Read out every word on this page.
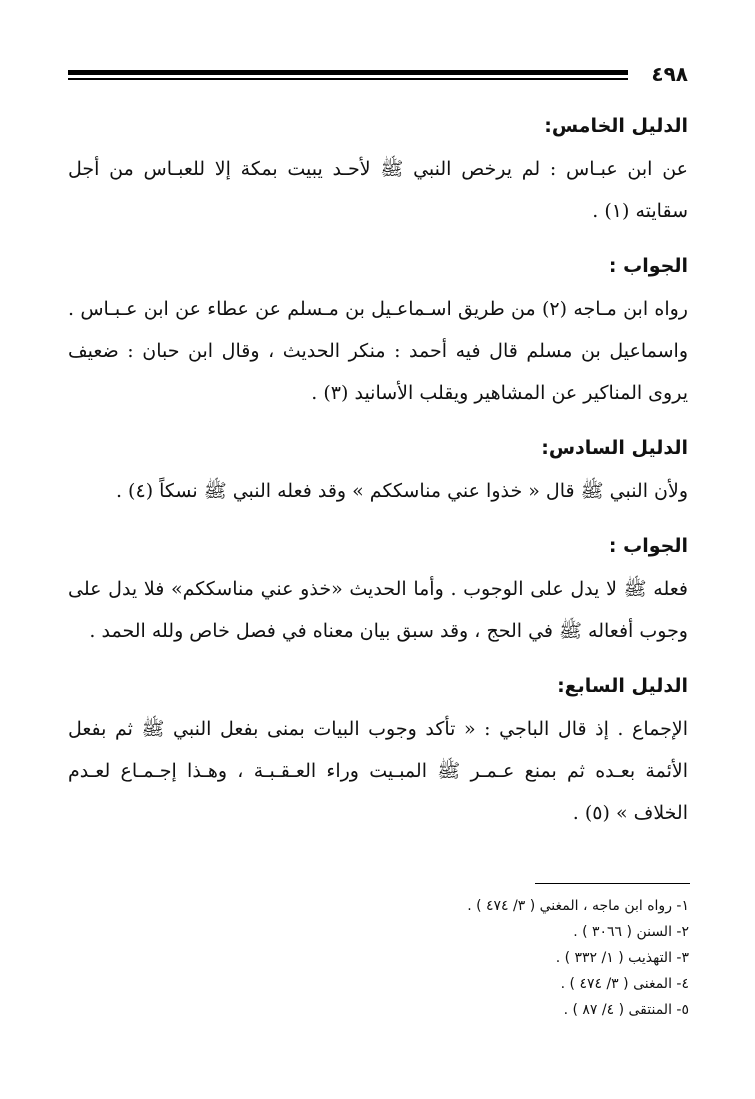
٤٩٨
الدليل الخامس:
عن ابن عبـاس : لم يرخص النبي ﷺ لأحـد يبيت بمكة إلا للعبـاس من أجل
سقايته (١) .
الجواب :
رواه ابن مـاجه (٢) من طريق اسـماعـيل بن مـسلم عن عطاء عن ابن عـبـاس .
واسماعيل بن مسلم قال فيه أحمد : منكر الحديث ، وقال ابن حبان : ضعيف
يروى المناكير عن المشاهير ويقلب الأسانيد (٣) .
الدليل السادس:
ولأن النبي ﷺ قال « خذوا عني مناسككم » وقد فعله النبي ﷺ نسكاً (٤) .
الجواب :
فعله ﷺ لا يدل على الوجوب . وأما الحديث «خذو عني مناسككم» فلا يدل على
وجوب أفعاله ﷺ في الحج ، وقد سبق بيان معناه في فصل خاص ولله الحمد .
الدليل السابع:
الإجماع . إذ قال الباجي : « تأكد وجوب البيات بمنى بفعل النبي ﷺ ثم بفعل
الأئمة بعـده ثم بمنع عـمـر ﷺ المبـيت وراء العـقـبـة ، وهـذا إجـمـاع لعـدم
الخلاف » (٥) .
١- رواه ابن ماجه ، المغني ( ٣/ ٤٧٤ ) .
٢- السنن ( ٣٠٦٦ ) .
٣- التهذيب ( ١/ ٣٣٢ ) .
٤- المغنى ( ٣/ ٤٧٤ ) .
٥- المنتقى ( ٤/ ٨٧ ) .
